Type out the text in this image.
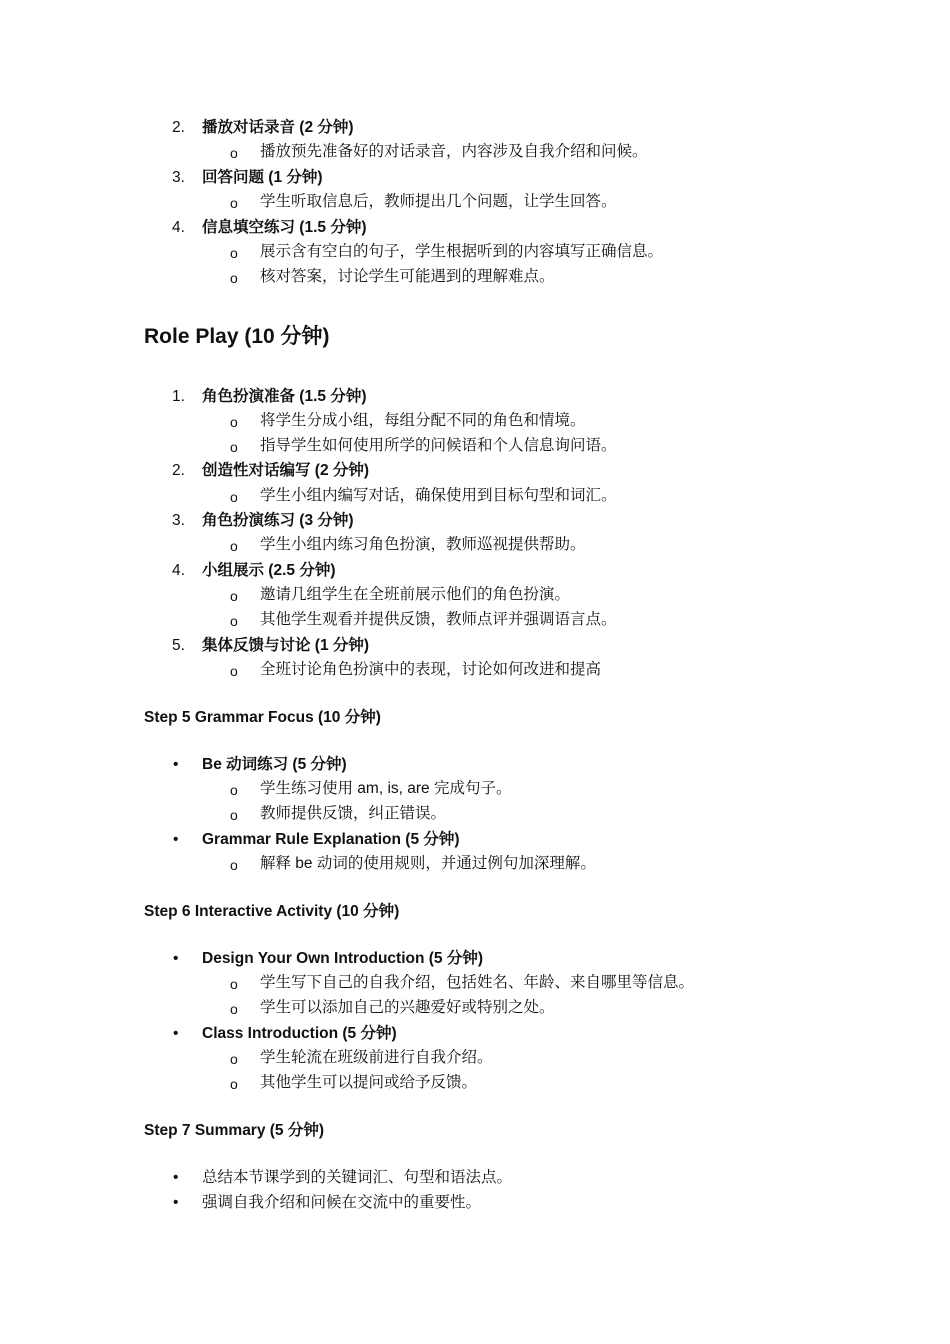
2.	播放对话录音 (2 分钟)
o 播放预先准备好的对话录音，内容涉及自我介绍和问候。
3.	回答问题 (1 分钟)
o 学生听取信息后，教师提出几个问题，让学生回答。
4.	信息填空练习 (1.5 分钟)
o 展示含有空白的句子，学生根据听到的内容填写正确信息。
o 核对答案，讨论学生可能遇到的理解难点。
Role Play (10 分钟)
1.	角色扮演准备 (1.5 分钟)
o 将学生分成小组，每组分配不同的角色和情境。
o 指导学生如何使用所学的问候语和个人信息询问语。
2.	创造性对话编写 (2 分钟)
o 学生小组内编写对话，确保使用到目标句型和词汇。
3.	角色扮演练习 (3 分钟)
o 学生小组内练习角色扮演，教师巡视提供帮助。
4.	小组展示 (2.5 分钟)
o 邀请几组学生在全班前展示他们的角色扮演。
o 其他学生观看并提供反馈，教师点评并强调语言点。
5.	集体反馈与讨论 (1 分钟)
o 全班讨论角色扮演中的表现，讨论如何改进和提高
Step 5 Grammar Focus (10 分钟)
• Be 动词练习 (5 分钟)
o 学生练习使用 am, is, are 完成句子。
o 教师提供反馈，纠正错误。
• Grammar Rule Explanation (5 分钟)
o 解释 be 动词的使用规则，并通过例句加深理解。
Step 6 Interactive Activity (10 分钟)
• Design Your Own Introduction (5 分钟)
o 学生写下自己的自我介绍，包括姓名、年龄、来自哪里等信息。
o 学生可以添加自己的兴趣爱好或特别之处。
• Class Introduction (5 分钟)
o 学生轮流在班级前进行自我介绍。
o 其他学生可以提问或给予反馈。
Step 7 Summary (5 分钟)
• 总结本节课学到的关键词汇、句型和语法点。
• 强调自我介绍和问候在交流中的重要性。
